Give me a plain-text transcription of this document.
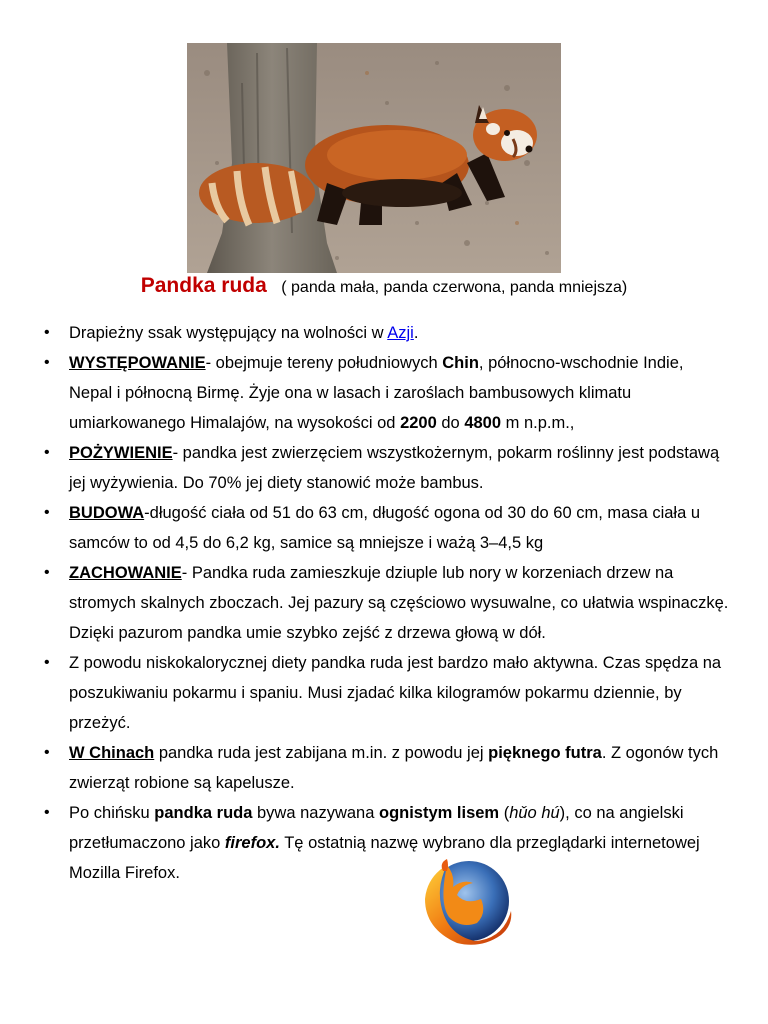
Pandka ruda ( panda mała, panda czerwona, panda mniejsza)
• Drapieżny ssak występujący na wolności w Azji.
• WYSTĘPOWANIE- obejmuje tereny południowych Chin, północno-wschodnie Indie, Nepal i północną Birmę. Żyje ona w lasach i zaroślach bambusowych klimatu umiarkowanego Himalajów, na wysokości od 2200 do 4800 m n.p.m.,
• POŻYWIENIE- pandka jest zwierzęciem wszystkożernym, pokarm roślinny jest podstawą jej wyżywienia. Do 70% jej diety stanowić może bambus.
• BUDOWA-długość ciała od 51 do 63 cm, długość ogona od 30 do 60 cm, masa ciała u samców to od 4,5 do 6,2 kg, samice są mniejsze i ważą 3–4,5 kg
• ZACHOWANIE- Pandka ruda zamieszkuje dziuple lub nory w korzeniach drzew na stromych skalnych zboczach. Jej pazury są częściowo wysuwalne, co ułatwia wspinaczkę. Dzięki pazurom pandka umie szybko zejść z drzewa głową w dół.
• Z powodu niskokalorycznej diety pandka ruda jest bardzo mało aktywna. Czas spędza na poszukiwaniu pokarmu i spaniu. Musi zjadać kilka kilogramów pokarmu dziennie, by przeżyć.
• W Chinach pandka ruda jest zabijana m.in. z powodu jej pięknego futra. Z ogonów tych zwierząt robione są kapelusze.
• Po chińsku pandka ruda bywa nazywana ognistym lisem (hǔo hú), co na angielski przetłumaczono jako firefox. Tę ostatnią nazwę wybrano dla przeglądarki internetowej Mozilla Firefox.
